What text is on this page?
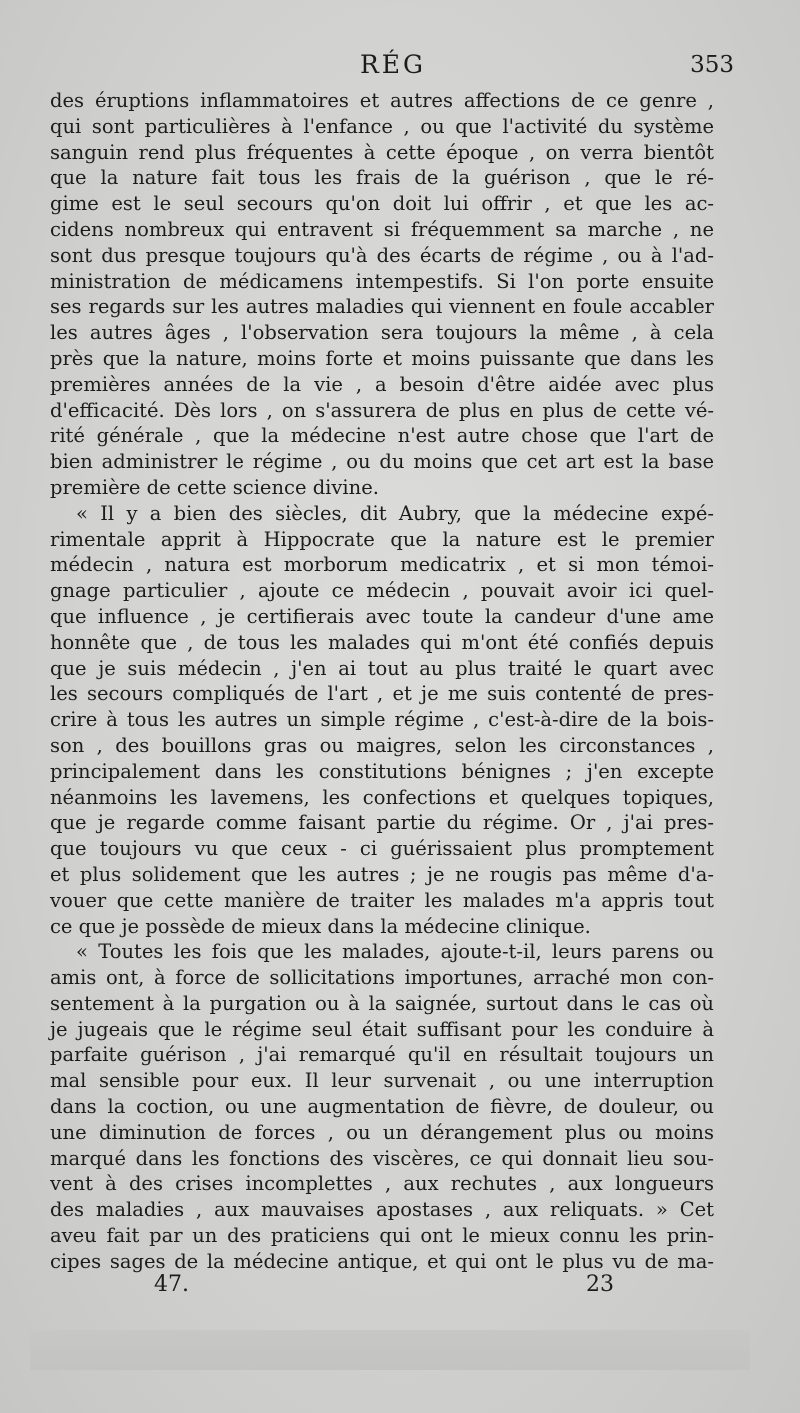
RÉG	353
des éruptions inflammatoires et autres affections de ce genre ,
qui sont particulières à l'enfance , ou que l'activité du système
sanguin rend plus fréquentes à cette époque , on verra bientôt
que la nature fait tous les frais de la guérison , que le ré-
gime est le seul secours qu'on doit lui offrir , et que les ac-
cidens nombreux qui entravent si fréquemment sa marche , ne
sont dus presque toujours qu'à des écarts de régime , ou à l'ad-
ministration de médicamens intempestifs. Si l'on porte ensuite
ses regards sur les autres maladies qui viennent en foule accabler
les autres âges , l'observation sera toujours la même , à cela
près que la nature, moins forte et moins puissante que dans les
premières années de la vie , a besoin d'être aidée avec plus
d'efficacité. Dès lors , on s'assurera de plus en plus de cette vé-
rité générale , que la médecine n'est autre chose que l'art de
bien administrer le régime , ou du moins que cet art est la base
première de cette science divine.
« Il y a bien des siècles, dit Aubry, que la médecine expé-
rimentale apprit à Hippocrate que la nature est le premier
médecin , natura est morborum medicatrix , et si mon témoi-
gnage particulier , ajoute ce médecin , pouvait avoir ici quel-
que influence , je certifierais avec toute la candeur d'une ame
honnête que , de tous les malades qui m'ont été confiés depuis
que je suis médecin , j'en ai tout au plus traité le quart avec
les secours compliqués de l'art , et je me suis contenté de pres-
crire à tous les autres un simple régime , c'est-à-dire de la bois-
son , des bouillons gras ou maigres, selon les circonstances ,
principalement dans les constitutions bénignes ; j'en excepte
néanmoins les lavemens, les confections et quelques topiques,
que je regarde comme faisant partie du régime. Or , j'ai pres-
que toujours vu que ceux - ci guérissaient plus promptement
et plus solidement que les autres ; je ne rougis pas même d'a-
vouer que cette manière de traiter les malades m'a appris tout
ce que je possède de mieux dans la médecine clinique.
« Toutes les fois que les malades, ajoute-t-il, leurs parens ou
amis ont, à force de sollicitations importunes, arraché mon con-
sentement à la purgation ou à la saignée, surtout dans le cas où
je jugeais que le régime seul était suffisant pour les conduire à
parfaite guérison , j'ai remarqué qu'il en résultait toujours un
mal sensible pour eux. Il leur survenait , ou une interruption
dans la coction, ou une augmentation de fièvre, de douleur, ou
une diminution de forces , ou un dérangement plus ou moins
marqué dans les fonctions des viscères, ce qui donnait lieu sou-
vent à des crises incomplettes , aux rechutes , aux longueurs
des maladies , aux mauvaises apostases , aux reliquats. » Cet
aveu fait par un des praticiens qui ont le mieux connu les prin-
cipes sages de la médecine antique, et qui ont le plus vu de ma-
47.	23
